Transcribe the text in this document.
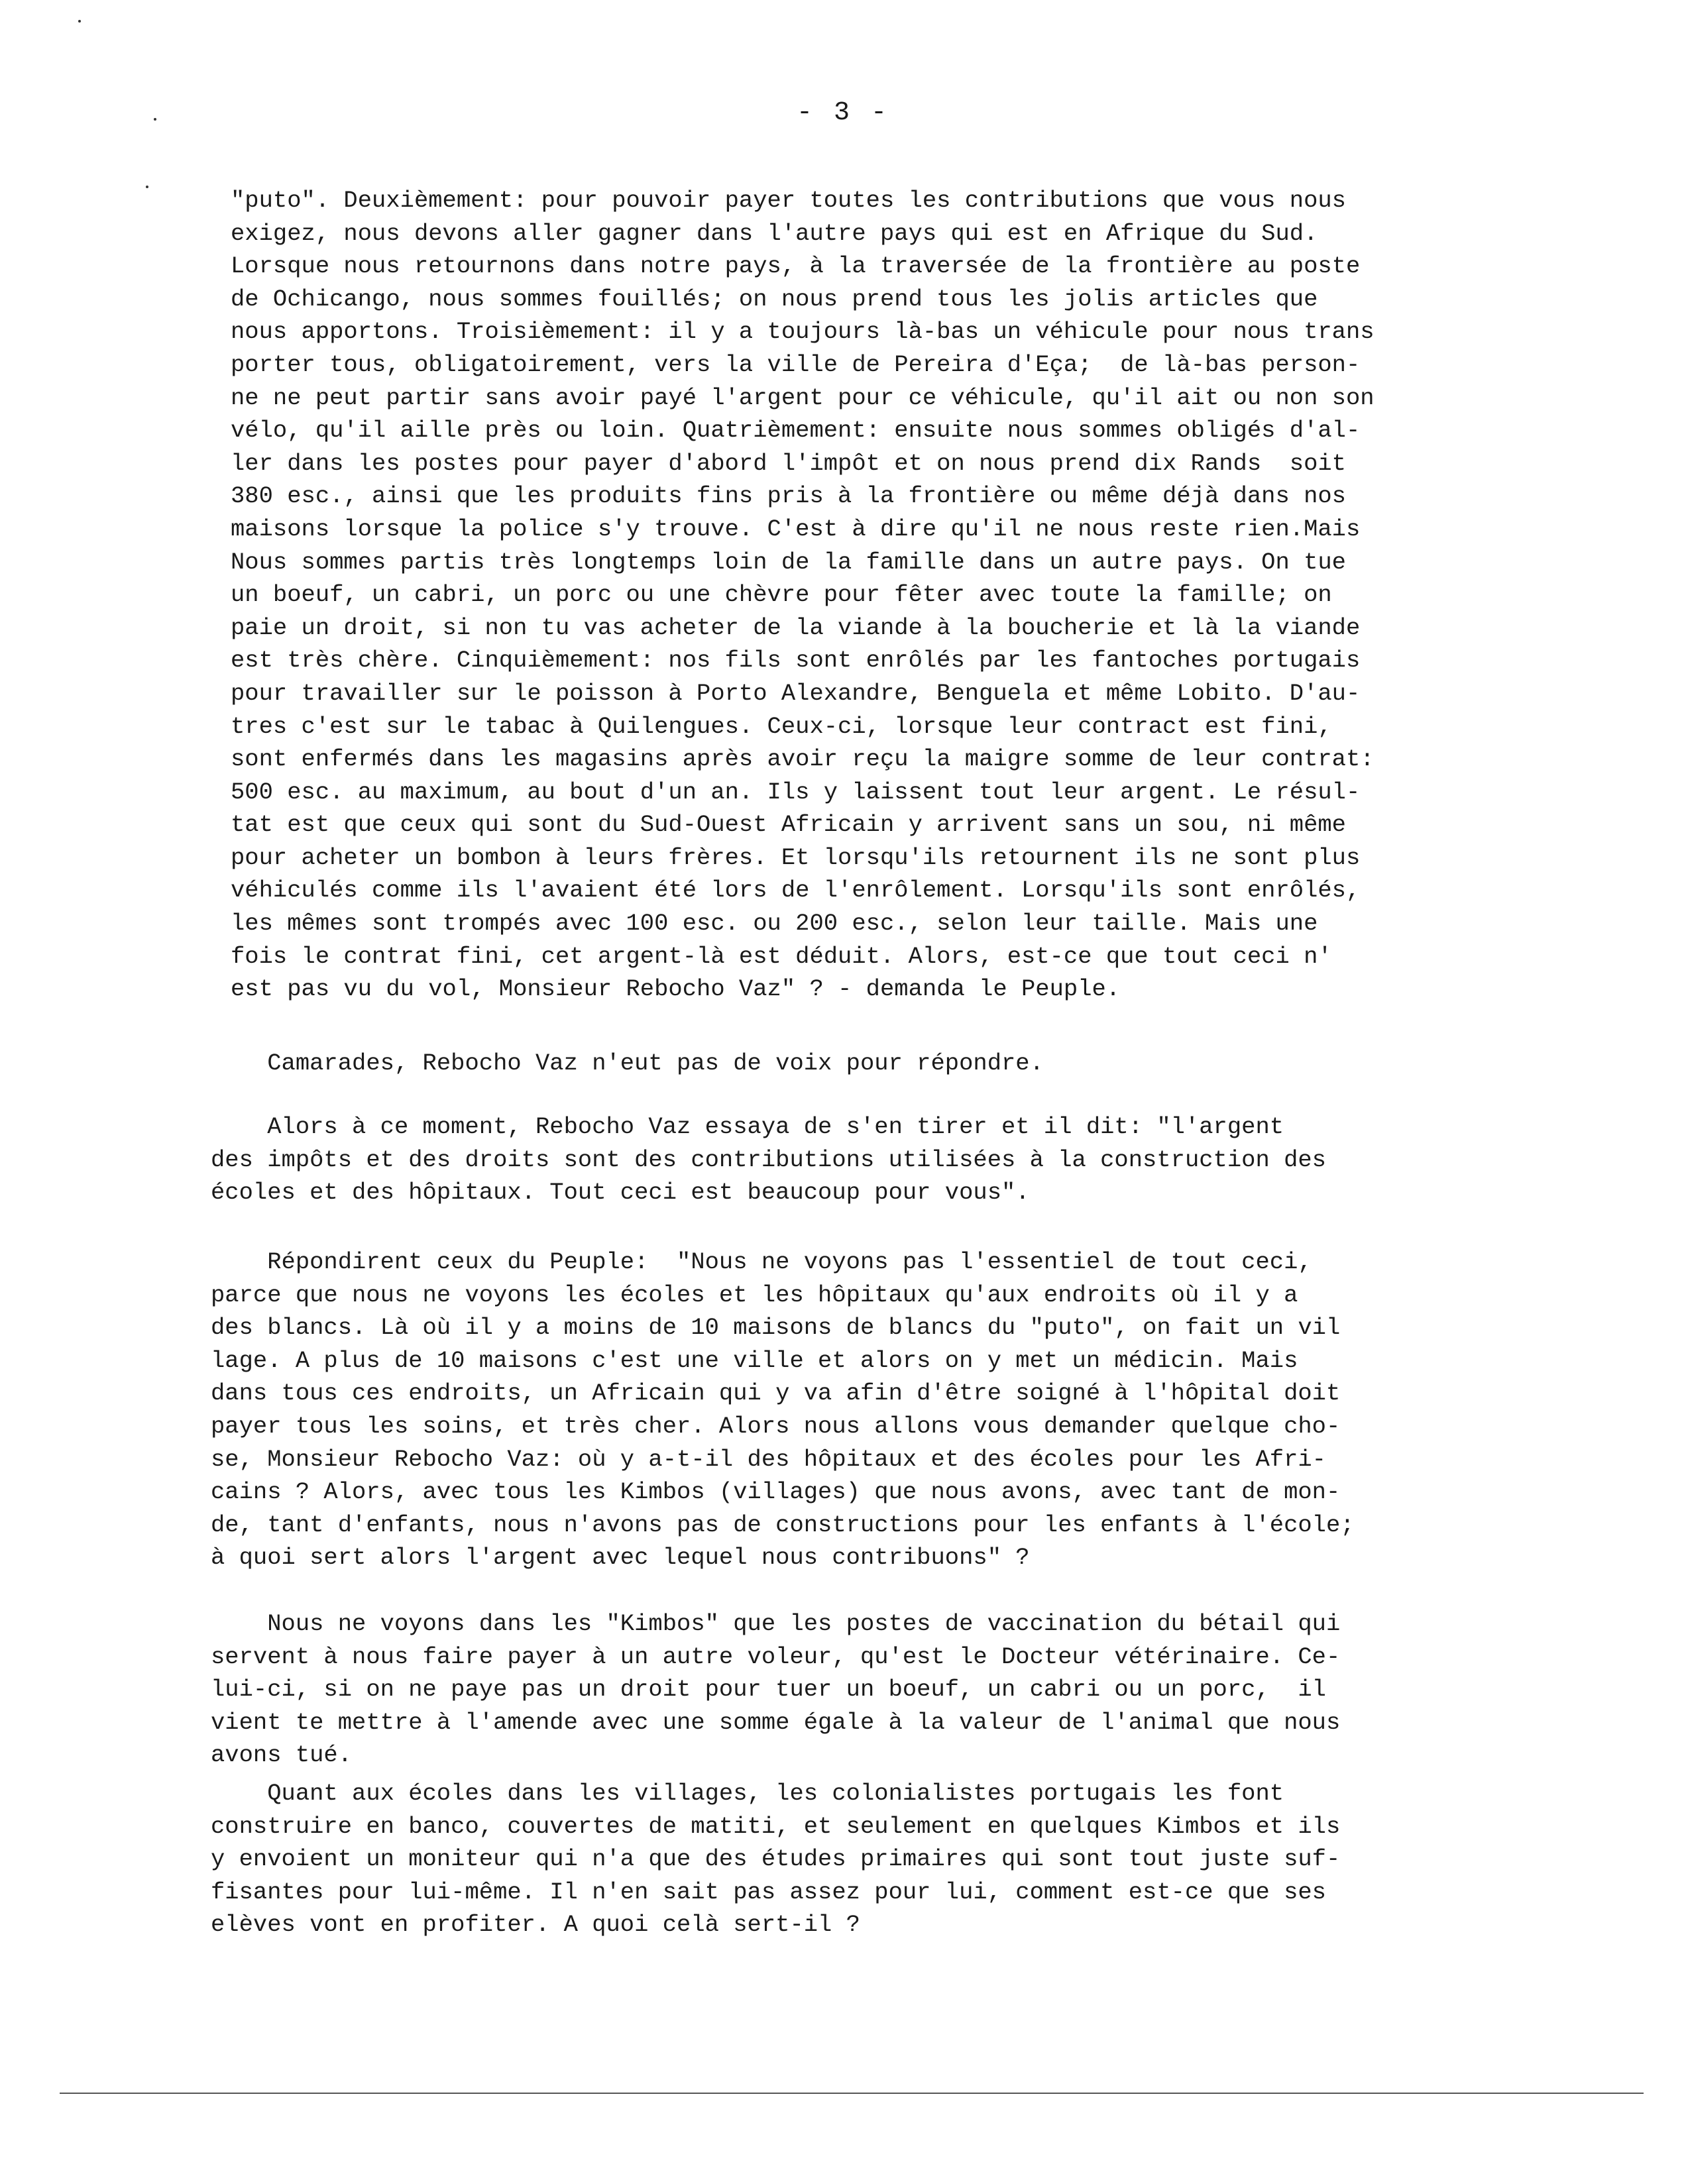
- 3 -
"puto". Deuxièmement: pour pouvoir payer toutes les contributions que vous nous
exigez, nous devons aller gagner dans l'autre pays qui est en Afrique du Sud.
Lorsque nous retournons dans notre pays, à la traversée de la frontière au poste
de Ochicango, nous sommes fouillés; on nous prend tous les jolis articles que
nous apportons. Troisièmement: il y a toujours là-bas un véhicule pour nous trans
porter tous, obligatoirement, vers la ville de Pereira d'Eça;  de là-bas person-
ne ne peut partir sans avoir payé l'argent pour ce véhicule, qu'il ait ou non son
vélo, qu'il aille près ou loin. Quatrièmement: ensuite nous sommes obligés d'al-
ler dans les postes pour payer d'abord l'impôt et on nous prend dix Rands  soit
380 esc., ainsi que les produits fins pris à la frontière ou même déjà dans nos
maisons lorsque la police s'y trouve. C'est à dire qu'il ne nous reste rien.Mais
Nous sommes partis très longtemps loin de la famille dans un autre pays. On tue
un boeuf, un cabri, un porc ou une chèvre pour fêter avec toute la famille; on
paie un droit, si non tu vas acheter de la viande à la boucherie et là la viande
est très chère. Cinquièmement: nos fils sont enrôlés par les fantoches portugais
pour travailler sur le poisson à Porto Alexandre, Benguela et même Lobito. D'au-
tres c'est sur le tabac à Quilengues. Ceux-ci, lorsque leur contract est fini,
sont enfermés dans les magasins après avoir reçu la maigre somme de leur contrat:
500 esc. au maximum, au bout d'un an. Ils y laissent tout leur argent. Le résul-
tat est que ceux qui sont du Sud-Ouest Africain y arrivent sans un sou, ni même
pour acheter un bombon à leurs frères. Et lorsqu'ils retournent ils ne sont plus
véhiculés comme ils l'avaient été lors de l'enrôlement. Lorsqu'ils sont enrôlés,
les mêmes sont trompés avec 100 esc. ou 200 esc., selon leur taille. Mais une
fois le contrat fini, cet argent-là est déduit. Alors, est-ce que tout ceci n'
est pas vu du vol, Monsieur Rebocho Vaz" ? - demanda le Peuple.
Camarades, Rebocho Vaz n'eut pas de voix pour répondre.
Alors à ce moment, Rebocho Vaz essaya de s'en tirer et il dit: "l'argent
des impôts et des droits sont des contributions utilisées à la construction des
écoles et des hôpitaux. Tout ceci est beaucoup pour vous".
Répondirent ceux du Peuple:  "Nous ne voyons pas l'essentiel de tout ceci,
parce que nous ne voyons les écoles et les hôpitaux qu'aux endroits où il y a
des blancs. Là où il y a moins de 10 maisons de blancs du "puto", on fait un vil
lage. A plus de 10 maisons c'est une ville et alors on y met un médicin. Mais
dans tous ces endroits, un Africain qui y va afin d'être soigné à l'hôpital doit
payer tous les soins, et très cher. Alors nous allons vous demander quelque cho-
se, Monsieur Rebocho Vaz: où y a-t-il des hôpitaux et des écoles pour les Afri-
cains ? Alors, avec tous les Kimbos (villages) que nous avons, avec tant de mon-
de, tant d'enfants, nous n'avons pas de constructions pour les enfants à l'école;
à quoi sert alors l'argent avec lequel nous contribuons" ?
Nous ne voyons dans les "Kimbos" que les postes de vaccination du bétail qui
servent à nous faire payer à un autre voleur, qu'est le Docteur vétérinaire. Ce-
lui-ci, si on ne paye pas un droit pour tuer un boeuf, un cabri ou un porc,  il
vient te mettre à l'amende avec une somme égale à la valeur de l'animal que nous
avons tué.
Quant aux écoles dans les villages, les colonialistes portugais les font
construire en banco, couvertes de matiti, et seulement en quelques Kimbos et ils
y envoient un moniteur qui n'a que des études primaires qui sont tout juste suf-
fisantes pour lui-même. Il n'en sait pas assez pour lui, comment est-ce que ses
elèves vont en profiter. A quoi celà sert-il ?
